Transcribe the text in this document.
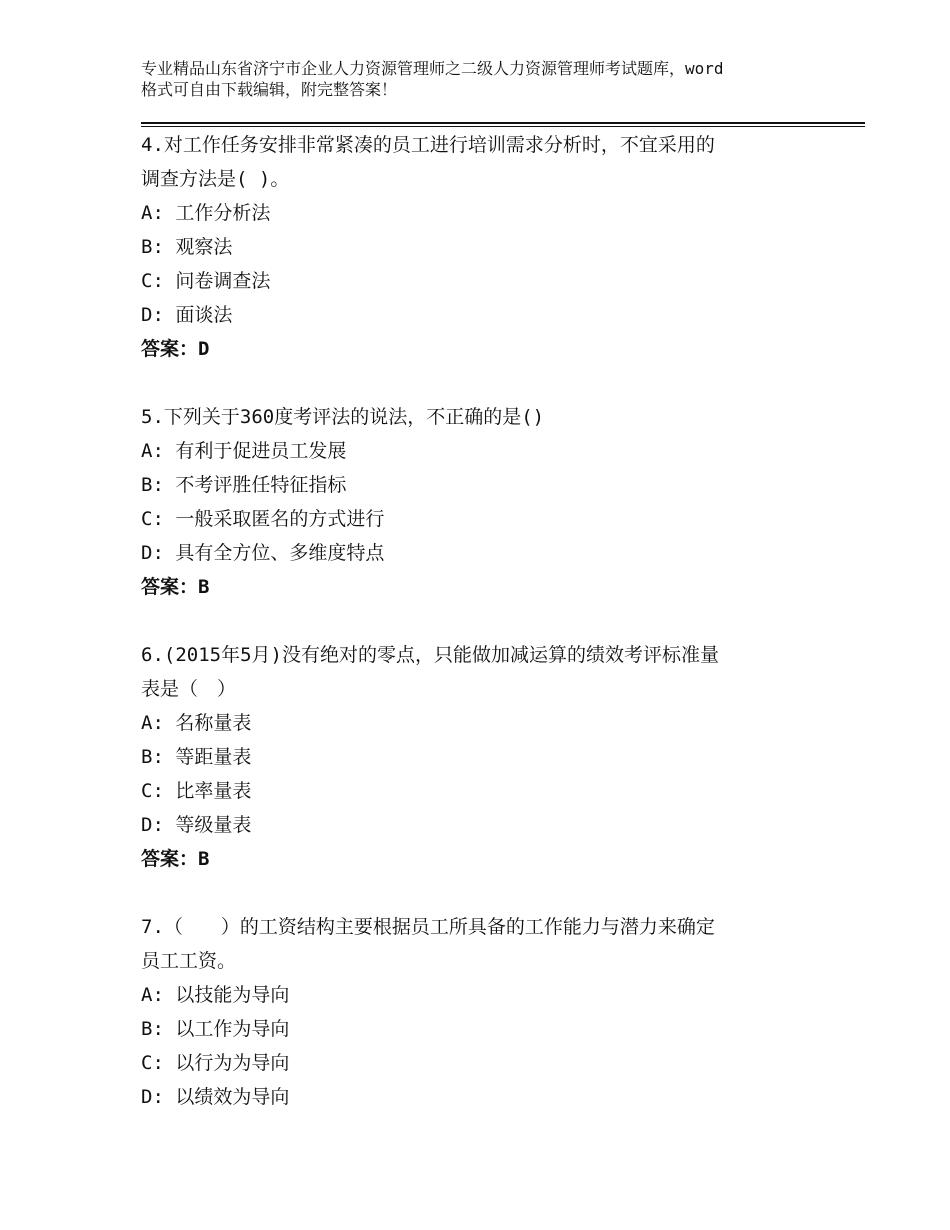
专业精品山东省济宁市企业人力资源管理师之二级人力资源管理师考试题库，word
格式可自由下载编辑，附完整答案！
4.对工作任务安排非常紧凑的员工进行培训需求分析时，不宜采用的
调查方法是( )。
A: 工作分析法
B: 观察法
C: 问卷调查法
D: 面谈法
答案：D
5.下列关于360度考评法的说法，不正确的是()
A: 有利于促进员工发展
B: 不考评胜任特征指标
C: 一般采取匿名的方式进行
D: 具有全方位、多维度特点
答案：B
6.(2015年5月)没有绝对的零点，只能做加减运算的绩效考评标准量
表是（　）
A: 名称量表
B: 等距量表
C: 比率量表
D: 等级量表
答案：B
7.（　　）的工资结构主要根据员工所具备的工作能力与潜力来确定
员工工资。
A: 以技能为导向
B: 以工作为导向
C: 以行为为导向
D: 以绩效为导向
